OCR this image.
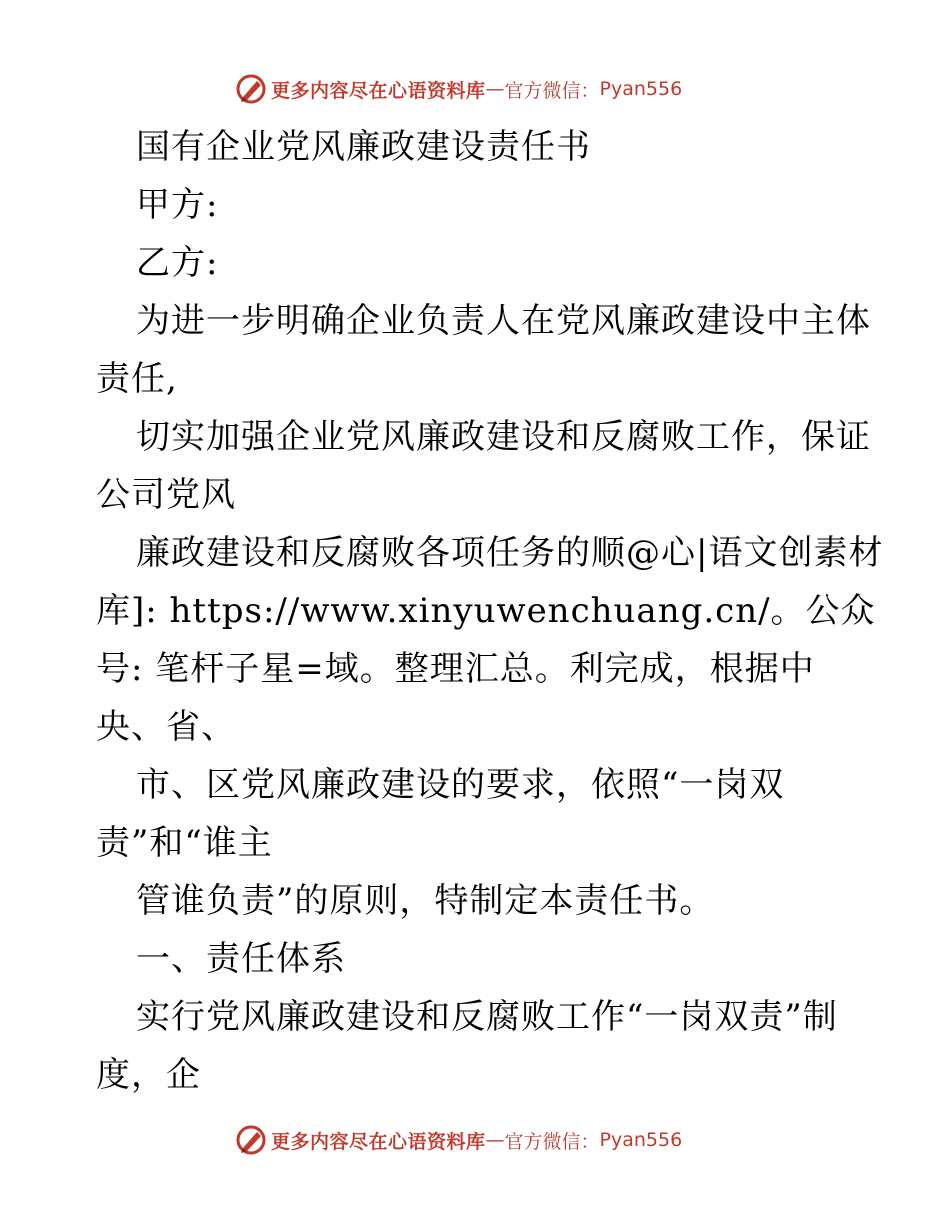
更多内容尽在心语资料库 — 官方微信： Pyan556
国有企业党风廉政建设责任书
甲方:
乙方:
为进一步明确企业负责人在党风廉政建设中主体
责任,
切实加强企业党风廉政建设和反腐败工作，保证
公司党风
廉政建设和反腐败各项任务的顺@心|语文创素材
库]: https://www.xinyuwenchuang.cn/。公众
号: 笔杆子星=域。整理汇总。利完成，根据中
央、省、
市、区党风廉政建设的要求，依照“一岗双
责”和“谁主
管谁负责”的原则，特制定本责任书。
一、责任体系
实行党风廉政建设和反腐败工作“一岗双责”制
度，企
更多内容尽在心语资料库 — 官方微信： Pyan556
